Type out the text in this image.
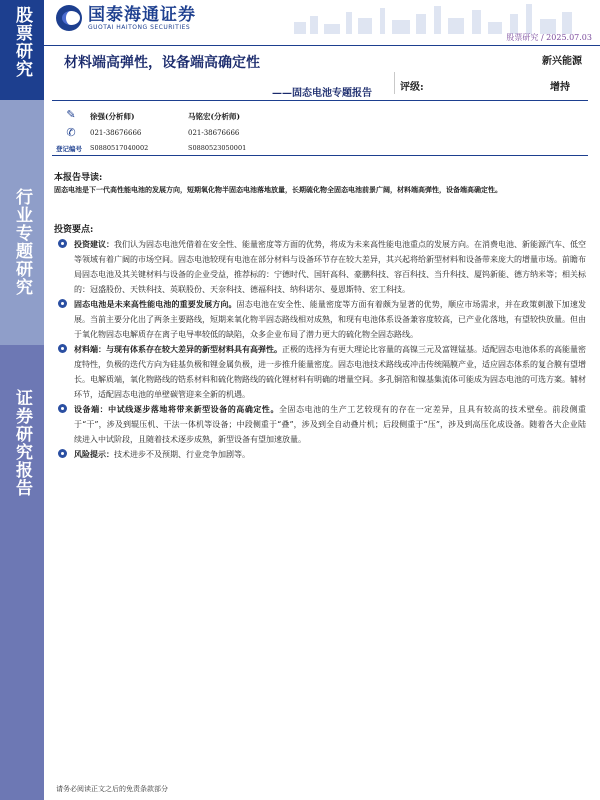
股票研究
行业专题研究
证券研究报告
国泰海通证券
GUOTAI HAITONG SECURITIES
股票研究 / 2025.07.03
材料端高弹性，设备端高确定性
——固态电池专题报告
新兴能源
评级:	增持
✎
✆
徐强(分析师)
021-38676666
S0880517040002
马铭宏(分析师)
021-38676666
S0880523050001
登记编号
本报告导读:
固态电池是下一代高性能电池的发展方向，短期氧化物半固态电池落地放量，长期硫化物全固态电池前景广阔，材料端高弹性，设备端高确定性。
投资要点:
投资建议：我们认为固态电池凭借着在安全性、能量密度等方面的优势，将成为未来高性能电池重点的发展方向。在消费电池、新能源汽车、低空等领域有着广阔的市场空间。固态电池较现有电池在部分材料与设备环节存在较大差异，其兴起将给新型材料和设备带来庞大的增量市场。前瞻布局固态电池及其关键材料与设备的企业受益，推荐标的：宁德时代、国轩高科、豪鹏科技、容百科技、当升科技、厦钨新能、德方纳米等；相关标的：冠盛股份、天铁科技、英联股份、天奈科技、德福科技、纳科诺尔、曼恩斯特、宏工科技。
固态电池是未来高性能电池的重要发展方向。固态电池在安全性、能量密度等方面有着颇为显著的优势，顺应市场需求，并在政策刺激下加速发展。当前主要分化出了两条主要路线，短期来氧化物半固态路线相对成熟，和现有电池体系设备兼容度较高，已产业化落地，有望较快放量。但由于氧化物固态电解质存在离子电导率较低的缺陷，众多企业布局了潜力更大的硫化物全固态路线。
材料端：与现有体系存在较大差异的新型材料具有高弹性。正极的选择为有更大理论比容量的高镍三元及富锂锰基。适配固态电池体系的高能量密度特性，负极的迭代方向为硅基负极和锂金属负极，进一步推升能量密度。固态电池技术路线或冲击传统隔膜产业，适应固态体系的复合膜有望增长。电解质端，氧化物路线的锆系材料和硫化物路线的硫化锂材料有明确的增量空间。多孔铜箔和镍基集流体可能成为固态电池的可选方案。辅材环节，适配固态电池的单壁碳管迎来全新的机遇。
设备端：中试线逐步落地将带来新型设备的高确定性。全固态电池的生产工艺较现有的存在一定差异，且具有较高的技术壁垒。前段侧重于“干”，涉及到辊压机、干法一体机等设备；中段侧重于“叠”，涉及到全自动叠片机；后段侧重于“压”，涉及到高压化成设备。随着各大企业陆续进入中试阶段，且随着技术逐步成熟，新型设备有望加速放量。
风险提示：技术进步不及预期、行业竞争加剧等。
请务必阅读正文之后的免责条款部分
